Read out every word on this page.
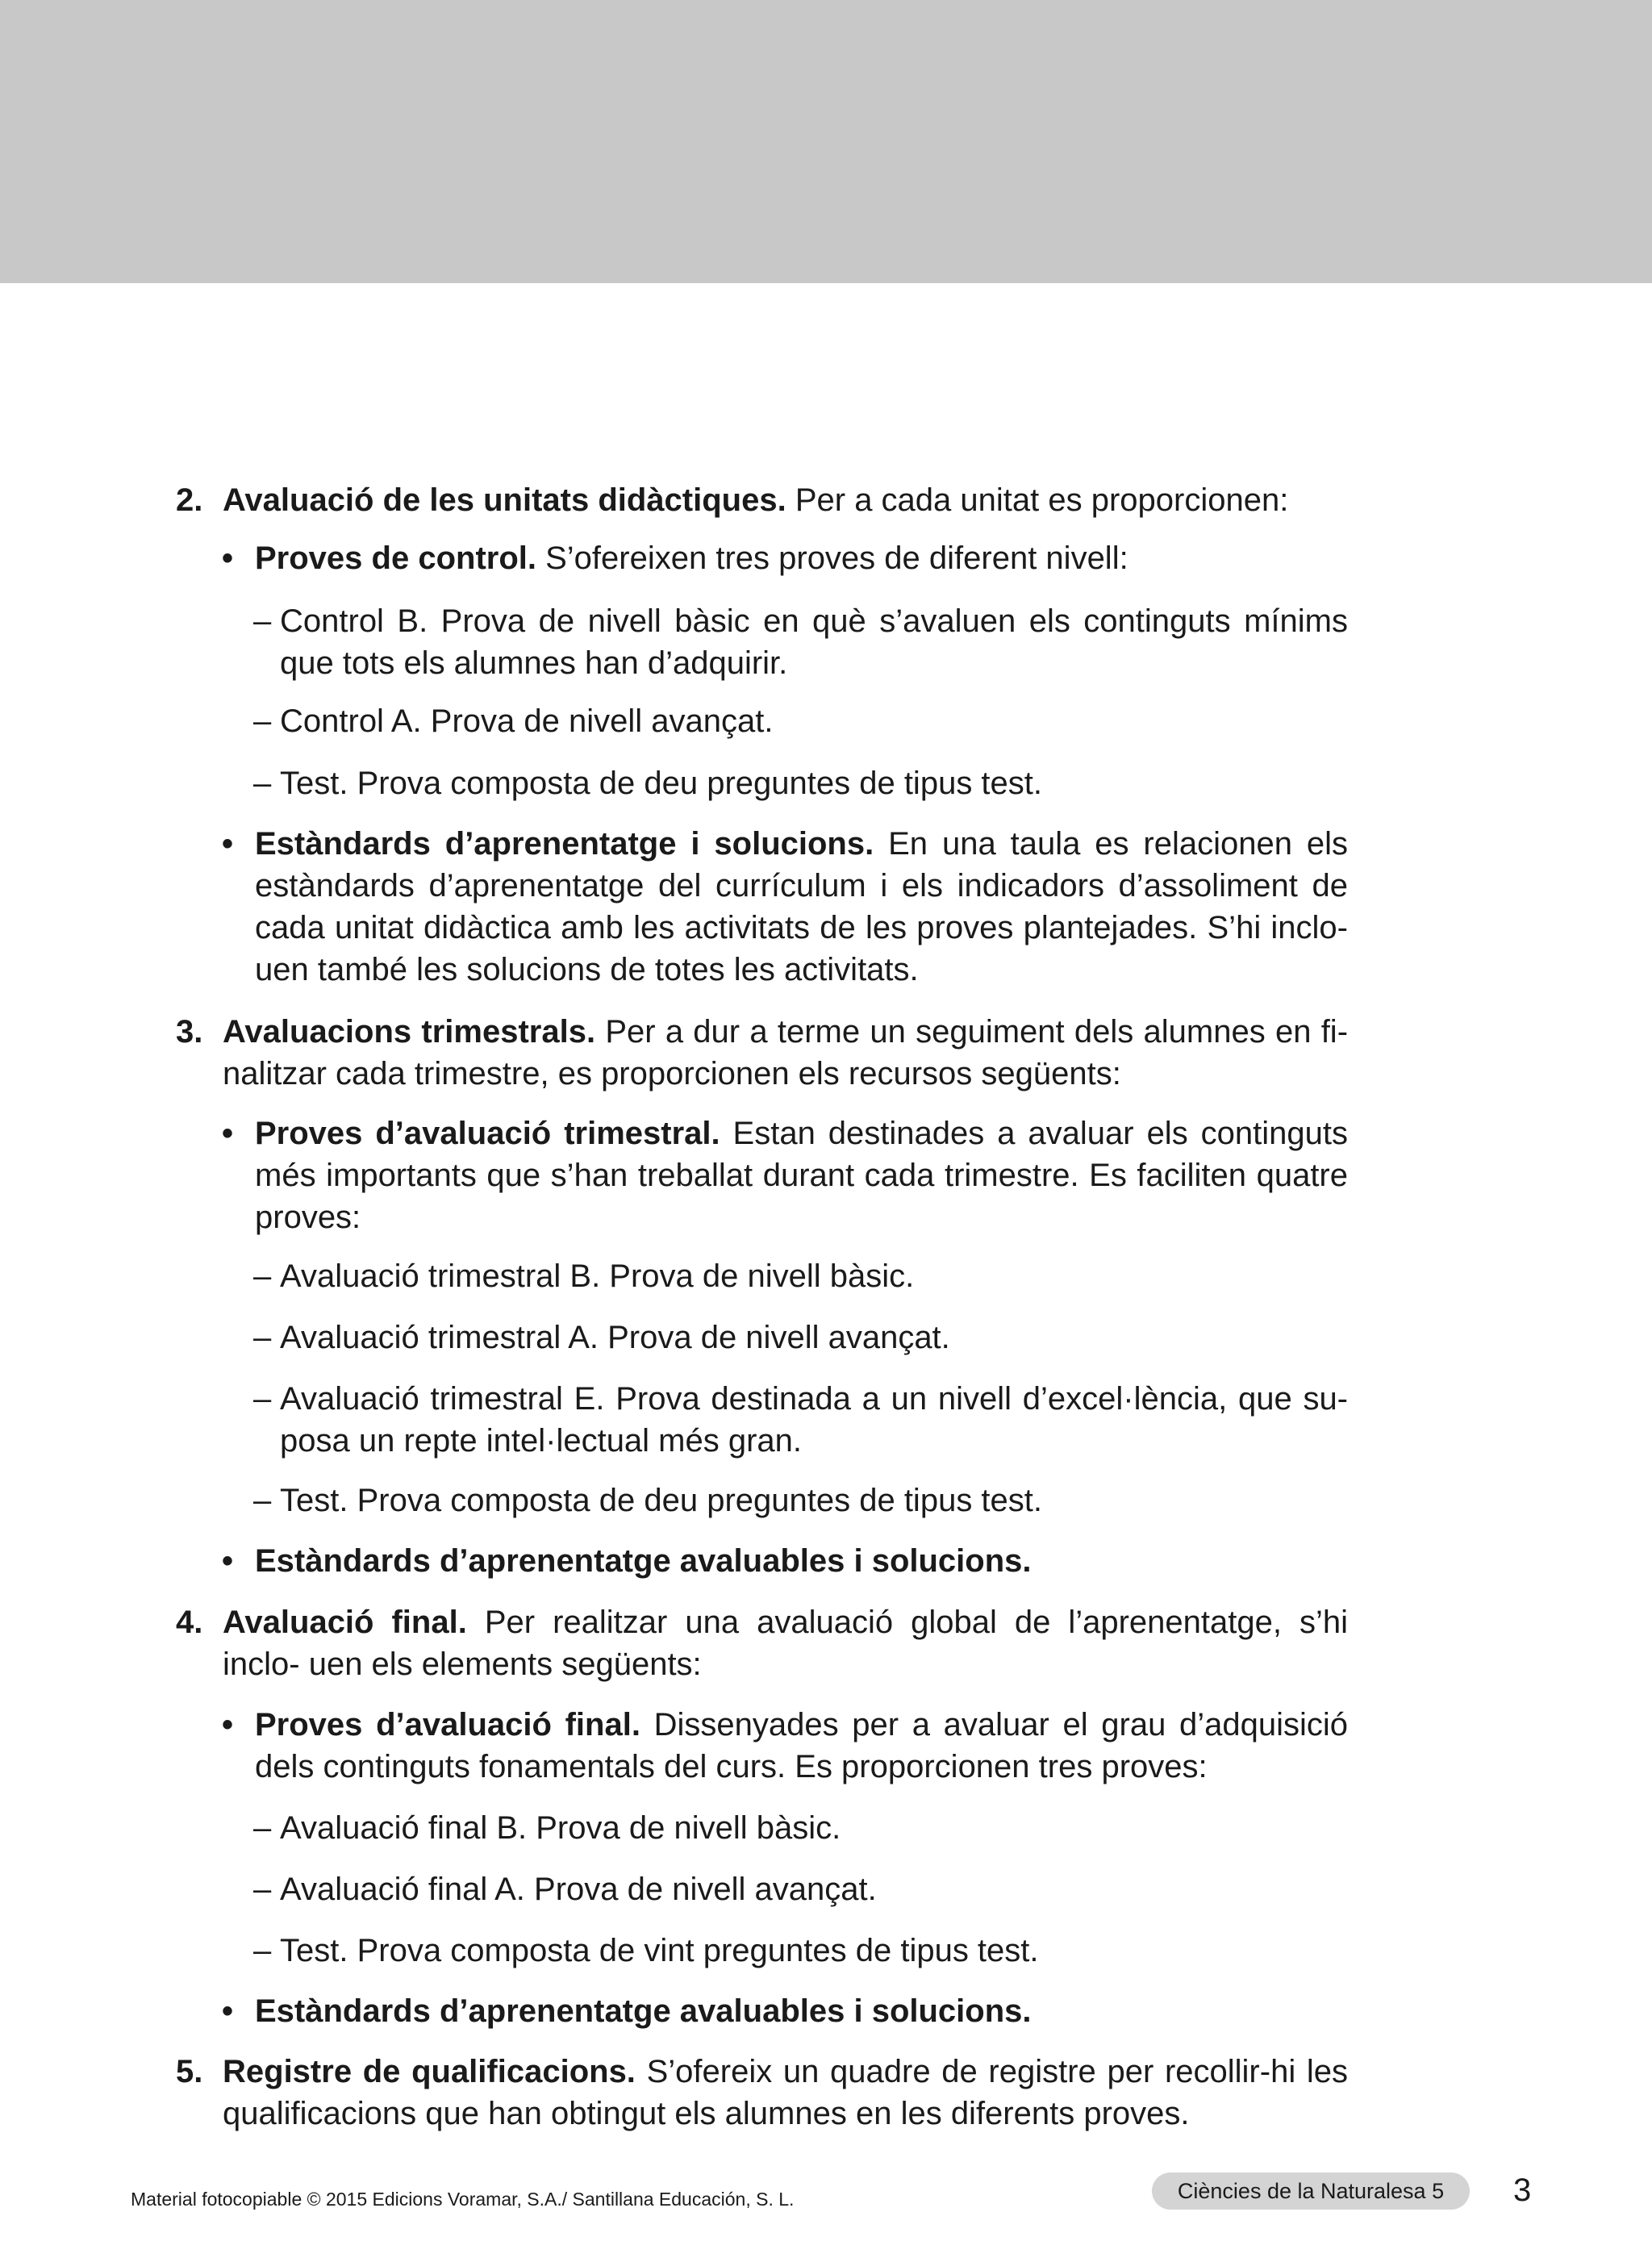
2. Avaluació de les unitats didàctiques. Per a cada unitat es proporcionen:
• Proves de control. S’ofereixen tres proves de diferent nivell:
– Control B. Prova de nivell bàsic en què s’avaluen els continguts mínims que tots els alumnes han d’adquirir.
– Control A. Prova de nivell avançat.
– Test. Prova composta de deu preguntes de tipus test.
• Estàndards d’aprenentatge i solucions. En una taula es relacionen els estàndards d’aprenentatge del currículum i els indicadors d’assoliment de cada unitat didàctica amb les activitats de les proves plantejades. S’hi inclo- uen també les solucions de totes les activitats.
3. Avaluacions trimestrals. Per a dur a terme un seguiment dels alumnes en fi- nalitzar cada trimestre, es proporcionen els recursos següents:
• Proves d’avaluació trimestral. Estan destinades a avaluar els continguts més importants que s’han treballat durant cada trimestre. Es faciliten quatre proves:
– Avaluació trimestral B. Prova de nivell bàsic.
– Avaluació trimestral A. Prova de nivell avançat.
– Avaluació trimestral E. Prova destinada a un nivell d’excel·lència, que su- posa un repte intel·lectual més gran.
– Test. Prova composta de deu preguntes de tipus test.
• Estàndards d’aprenentatge avaluables i solucions.
4. Avaluació final. Per realitzar una avaluació global de l’aprenentatge, s’hi inclo- uen els elements següents:
• Proves d’avaluació final. Dissenyades per a avaluar el grau d’adquisició dels continguts fonamentals del curs. Es proporcionen tres proves:
– Avaluació final B. Prova de nivell bàsic.
– Avaluació final A. Prova de nivell avançat.
– Test. Prova composta de vint preguntes de tipus test.
• Estàndards d’aprenentatge avaluables i solucions.
5. Registre de qualificacions. S’ofereix un quadre de registre per recollir-hi les qualificacions que han obtingut els alumnes en les diferents proves.
Material fotocopiable © 2015 Edicions Voramar, S.A./ Santillana Educación, S. L.	Ciències de la Naturalesa 5	3
